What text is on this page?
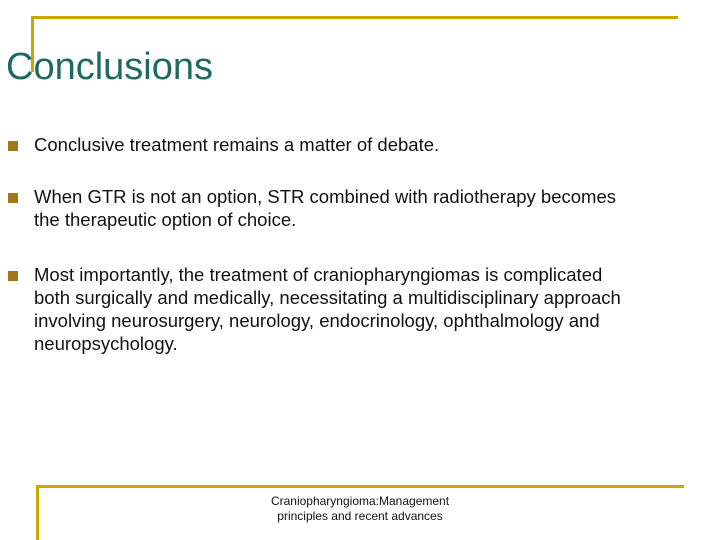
Conclusions
Conclusive treatment remains a matter of debate.
When GTR is not an option, STR combined with radiotherapy becomes the therapeutic option of choice.
Most importantly, the treatment of craniopharyngiomas is complicated both surgically and medically, necessitating a multidisciplinary approach involving neurosurgery, neurology, endocrinology, ophthalmology and neuropsychology.
Craniopharyngioma:Management
principles and recent advances
